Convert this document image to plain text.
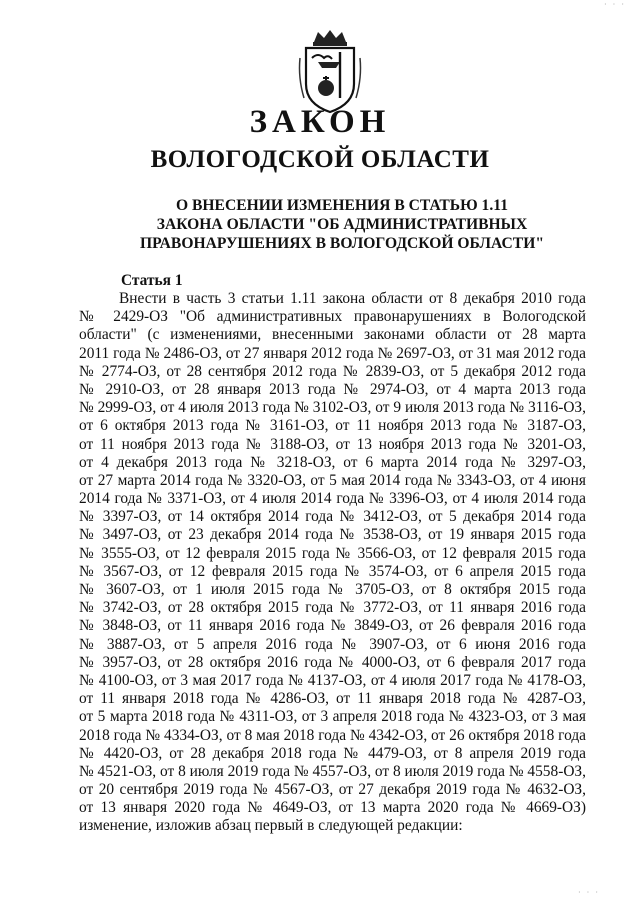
· · ·
ЗАКОН
ВОЛОГОДСКОЙ ОБЛАСТИ
О ВНЕСЕНИИ ИЗМЕНЕНИЯ В СТАТЬЮ 1.11
ЗАКОНА ОБЛАСТИ "ОБ АДМИНИСТРАТИВНЫХ
ПРАВОНАРУШЕНИЯХ В ВОЛОГОДСКОЙ ОБЛАСТИ"
Статья 1
Внести в часть 3 статьи 1.11 закона области от 8 декабря 2010 года
№ 2429-ОЗ "Об административных правонарушениях в Вологодской
области" (с изменениями, внесенными законами области от 28 марта
2011 года № 2486-ОЗ, от 27 января 2012 года № 2697-ОЗ, от 31 мая 2012 года
№ 2774-ОЗ, от 28 сентября 2012 года № 2839-ОЗ, от 5 декабря 2012 года
№ 2910-ОЗ, от 28 января 2013 года № 2974-ОЗ, от 4 марта 2013 года
№ 2999-ОЗ, от 4 июля 2013 года № 3102-ОЗ, от 9 июля 2013 года № 3116-ОЗ,
от 6 октября 2013 года № 3161-ОЗ, от 11 ноября 2013 года № 3187-ОЗ,
от 11 ноября 2013 года № 3188-ОЗ, от 13 ноября 2013 года № 3201-ОЗ,
от 4 декабря 2013 года № 3218-ОЗ, от 6 марта 2014 года № 3297-ОЗ,
от 27 марта 2014 года № 3320-ОЗ, от 5 мая 2014 года № 3343-ОЗ, от 4 июня
2014 года № 3371-ОЗ, от 4 июля 2014 года № 3396-ОЗ, от 4 июля 2014 года
№ 3397-ОЗ, от 14 октября 2014 года № 3412-ОЗ, от 5 декабря 2014 года
№ 3497-ОЗ, от 23 декабря 2014 года № 3538-ОЗ, от 19 января 2015 года
№ 3555-ОЗ, от 12 февраля 2015 года № 3566-ОЗ, от 12 февраля 2015 года
№ 3567-ОЗ, от 12 февраля 2015 года № 3574-ОЗ, от 6 апреля 2015 года
№ 3607-ОЗ, от 1 июля 2015 года № 3705-ОЗ, от 8 октября 2015 года
№ 3742-ОЗ, от 28 октября 2015 года № 3772-ОЗ, от 11 января 2016 года
№ 3848-ОЗ, от 11 января 2016 года № 3849-ОЗ, от 26 февраля 2016 года
№ 3887-ОЗ, от 5 апреля 2016 года № 3907-ОЗ, от 6 июня 2016 года
№ 3957-ОЗ, от 28 октября 2016 года № 4000-ОЗ, от 6 февраля 2017 года
№ 4100-ОЗ, от 3 мая 2017 года № 4137-ОЗ, от 4 июля 2017 года № 4178-ОЗ,
от 11 января 2018 года № 4286-ОЗ, от 11 января 2018 года № 4287-ОЗ,
от 5 марта 2018 года № 4311-ОЗ, от 3 апреля 2018 года № 4323-ОЗ, от 3 мая
2018 года № 4334-ОЗ, от 8 мая 2018 года № 4342-ОЗ, от 26 октября 2018 года
№ 4420-ОЗ, от 28 декабря 2018 года № 4479-ОЗ, от 8 апреля 2019 года
№ 4521-ОЗ, от 8 июля 2019 года № 4557-ОЗ, от 8 июля 2019 года № 4558-ОЗ,
от 20 сентября 2019 года № 4567-ОЗ, от 27 декабря 2019 года № 4632-ОЗ,
от 13 января 2020 года № 4649-ОЗ, от 13 марта 2020 года № 4669-ОЗ)
изменение, изложив абзац первый в следующей редакции:
· · ·
